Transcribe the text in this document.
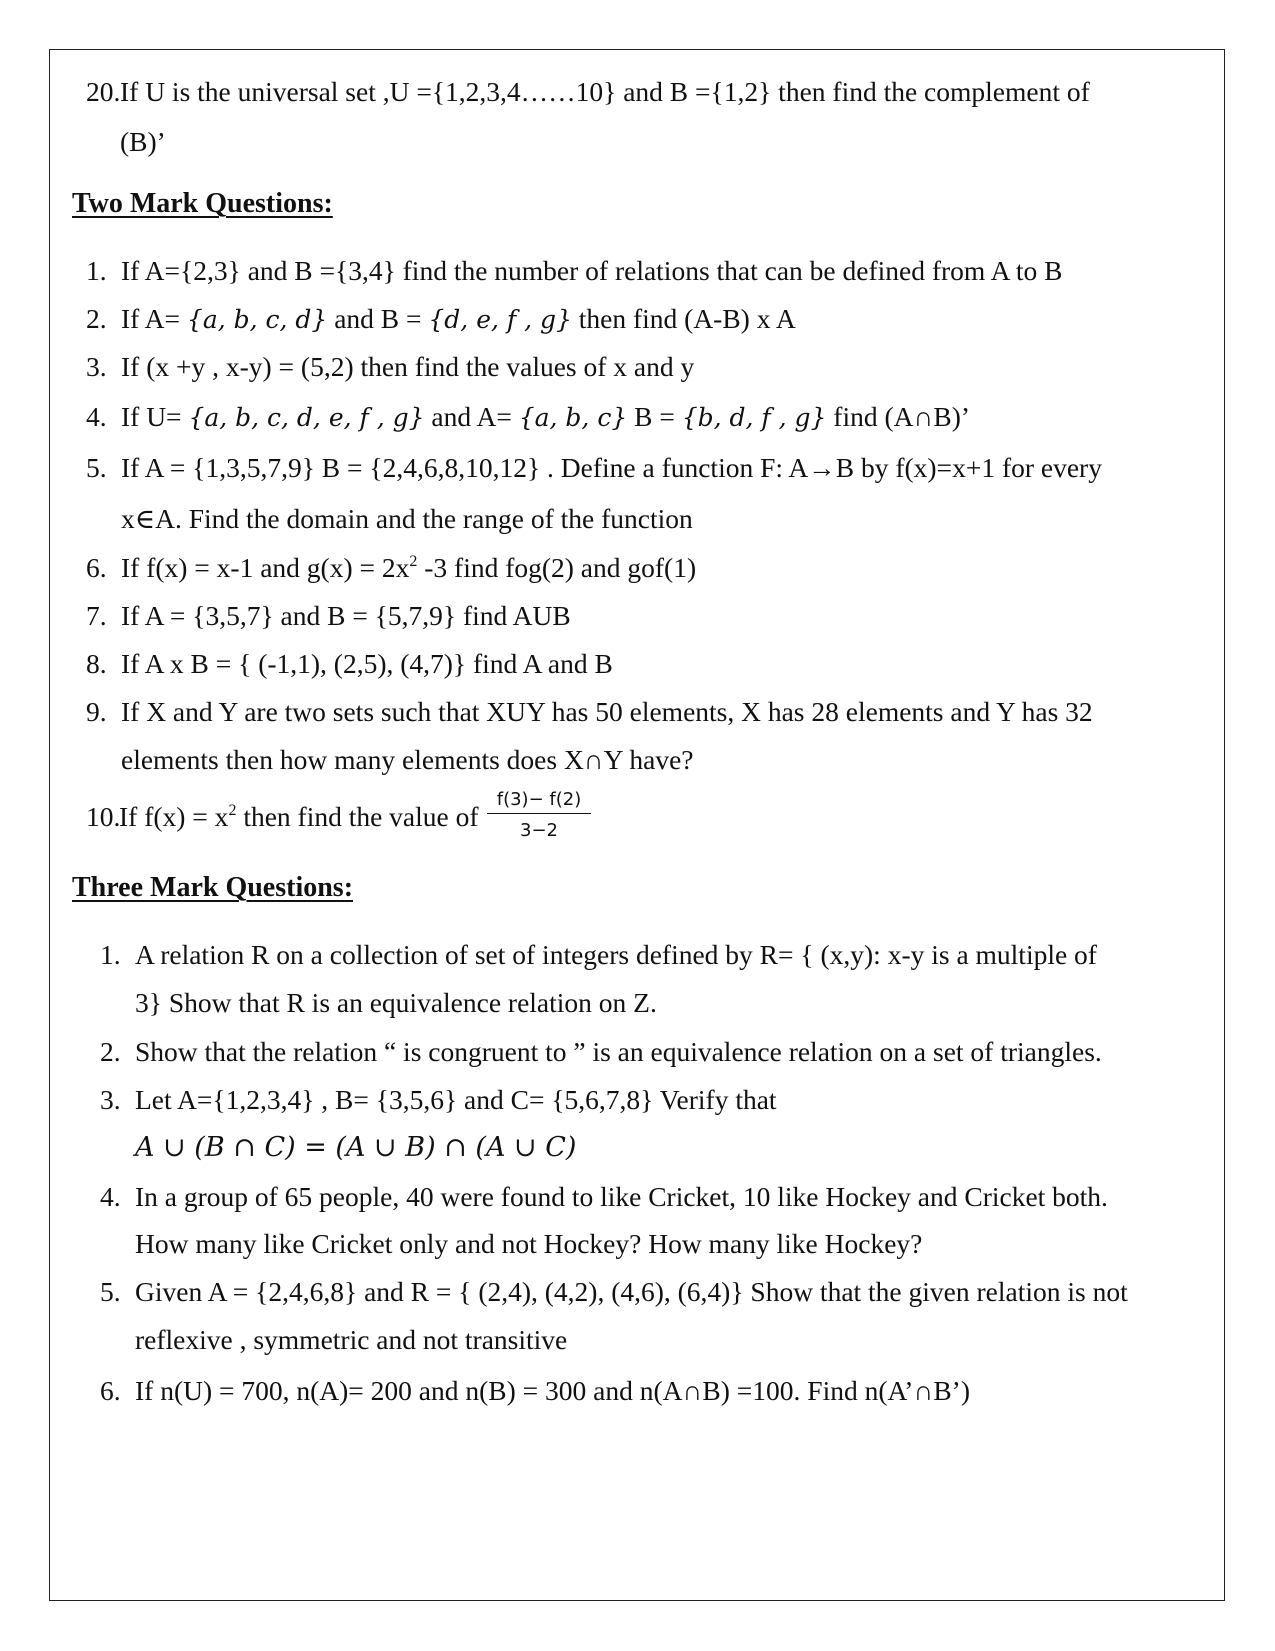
20. If U is the universal set ,U ={1,2,3,4……10} and B ={1,2} then find the complement of
(B)’
Two Mark Questions:
1. If A={2,3} and B ={3,4} find the number of relations that can be defined from A to B
2. If A= {a, b, c, d} and B = {d, e, f , g} then find (A-B) x A
3. If (x +y , x-y) = (5,2) then find the values of x and y
4. If U= {a, b, c, d, e, f , g} and A= {a, b, c} B = {b, d, f , g} find (A∩B)’
5. If A = {1,3,5,7,9} B = {2,4,6,8,10,12} . Define a function F: A→B by f(x)=x+1 for every
x∈A. Find the domain and the range of the function
6. If f(x) = x-1 and $g(x) = 2x^2$ -3 find fog(2) and gof(1)
7. If A = {3,5,7} and B = {5,7,9} find AUB
8. If A x B = { (-1,1), (2,5), (4,7)} find A and B
9. If X and Y are two sets such that XUY has 50 elements, X has 28 elements and Y has 32
elements then how many elements does X∩Y have?
10.
If $f(x) = x^2$ then find the value of $\frac{f(3)- f(2)}{3-2}$
Three Mark Questions:
1. A relation R on a collection of set of integers defined by R= { (x,y): x-y is a multiple of
3} Show that R is an equivalence relation on Z.
2. Show that the relation “ is congruent to ” is an equivalence relation on a set of triangles.
3. Let A={1,2,3,4} , B= {3,5,6} and C= {5,6,7,8} Verify that
A ∪ (B ∩ C) = (A ∪ B) ∩ (A ∪ C)
4. In a group of 65 people, 40 were found to like Cricket, 10 like Hockey and Cricket both.
How many like Cricket only and not Hockey? How many like Hockey?
5. Given A = {2,4,6,8} and R = { (2,4), (4,2), (4,6), (6,4)} Show that the given relation is not
reflexive , symmetric and not transitive
6. If n(U) = 700, n(A)= 200 and n(B) = 300 and n(A∩B) =100. Find n(A’∩B’)
